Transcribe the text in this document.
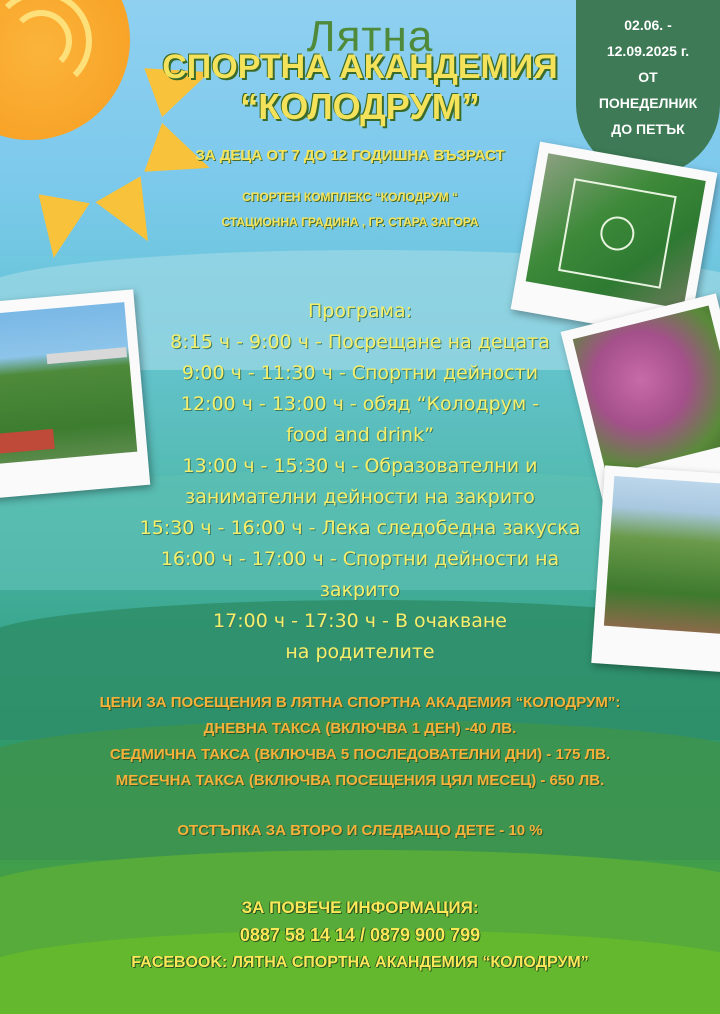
Лятна
СПОРТНА АКАНДЕМИЯ
“КОЛОДРУМ”
ЗА ДЕЦА ОТ 7 ДО 12 ГОДИШНА ВЪЗРАСТ
СПОРТЕН КОМПЛЕКС “КОЛОДРУМ “
СТАЦИОННА ГРАДИНА , ГР. СТАРА ЗАГОРА
02.06. -
12.09.2025 г.
ОТ
ПОНЕДЕЛНИК
ДО ПЕТЪК
Програма:
8:15 ч - 9:00 ч - Посрещане на децата
9:00 ч - 11:30 ч - Спортни дейности
12:00 ч - 13:00 ч - обяд “Колодрум -
food and drink”
13:00 ч - 15:30 ч - Образователни и
занимателни дейности на закрито
15:30 ч - 16:00 ч - Лека следобедна закуска
16:00 ч - 17:00 ч - Спортни дейности на
закрито
17:00 ч - 17:30 ч - В очакване
на родителите
ЦЕНИ ЗА ПОСЕЩЕНИЯ В ЛЯТНА СПОРТНА АКАДЕМИЯ “КОЛОДРУМ”:
ДНЕВНА ТАКСА (ВКЛЮЧВА 1 ДЕН) -40 ЛВ.
СЕДМИЧНА ТАКСА (ВКЛЮЧВА 5 ПОСЛЕДОВАТЕЛНИ ДНИ) - 175 ЛВ.
МЕСЕЧНА ТАКСА (ВКЛЮЧВА ПОСЕЩЕНИЯ ЦЯЛ МЕСЕЦ) - 650 ЛВ.
ОТСТЪПКА ЗА ВТОРО И СЛЕДВАЩО ДЕТЕ - 10 %
ЗА ПОВЕЧЕ ИНФОРМАЦИЯ:
0887 58 14 14 / 0879 900 799
FACEBOOK: ЛЯТНА СПОРТНА АКАНДЕМИЯ “КОЛОДРУМ”
